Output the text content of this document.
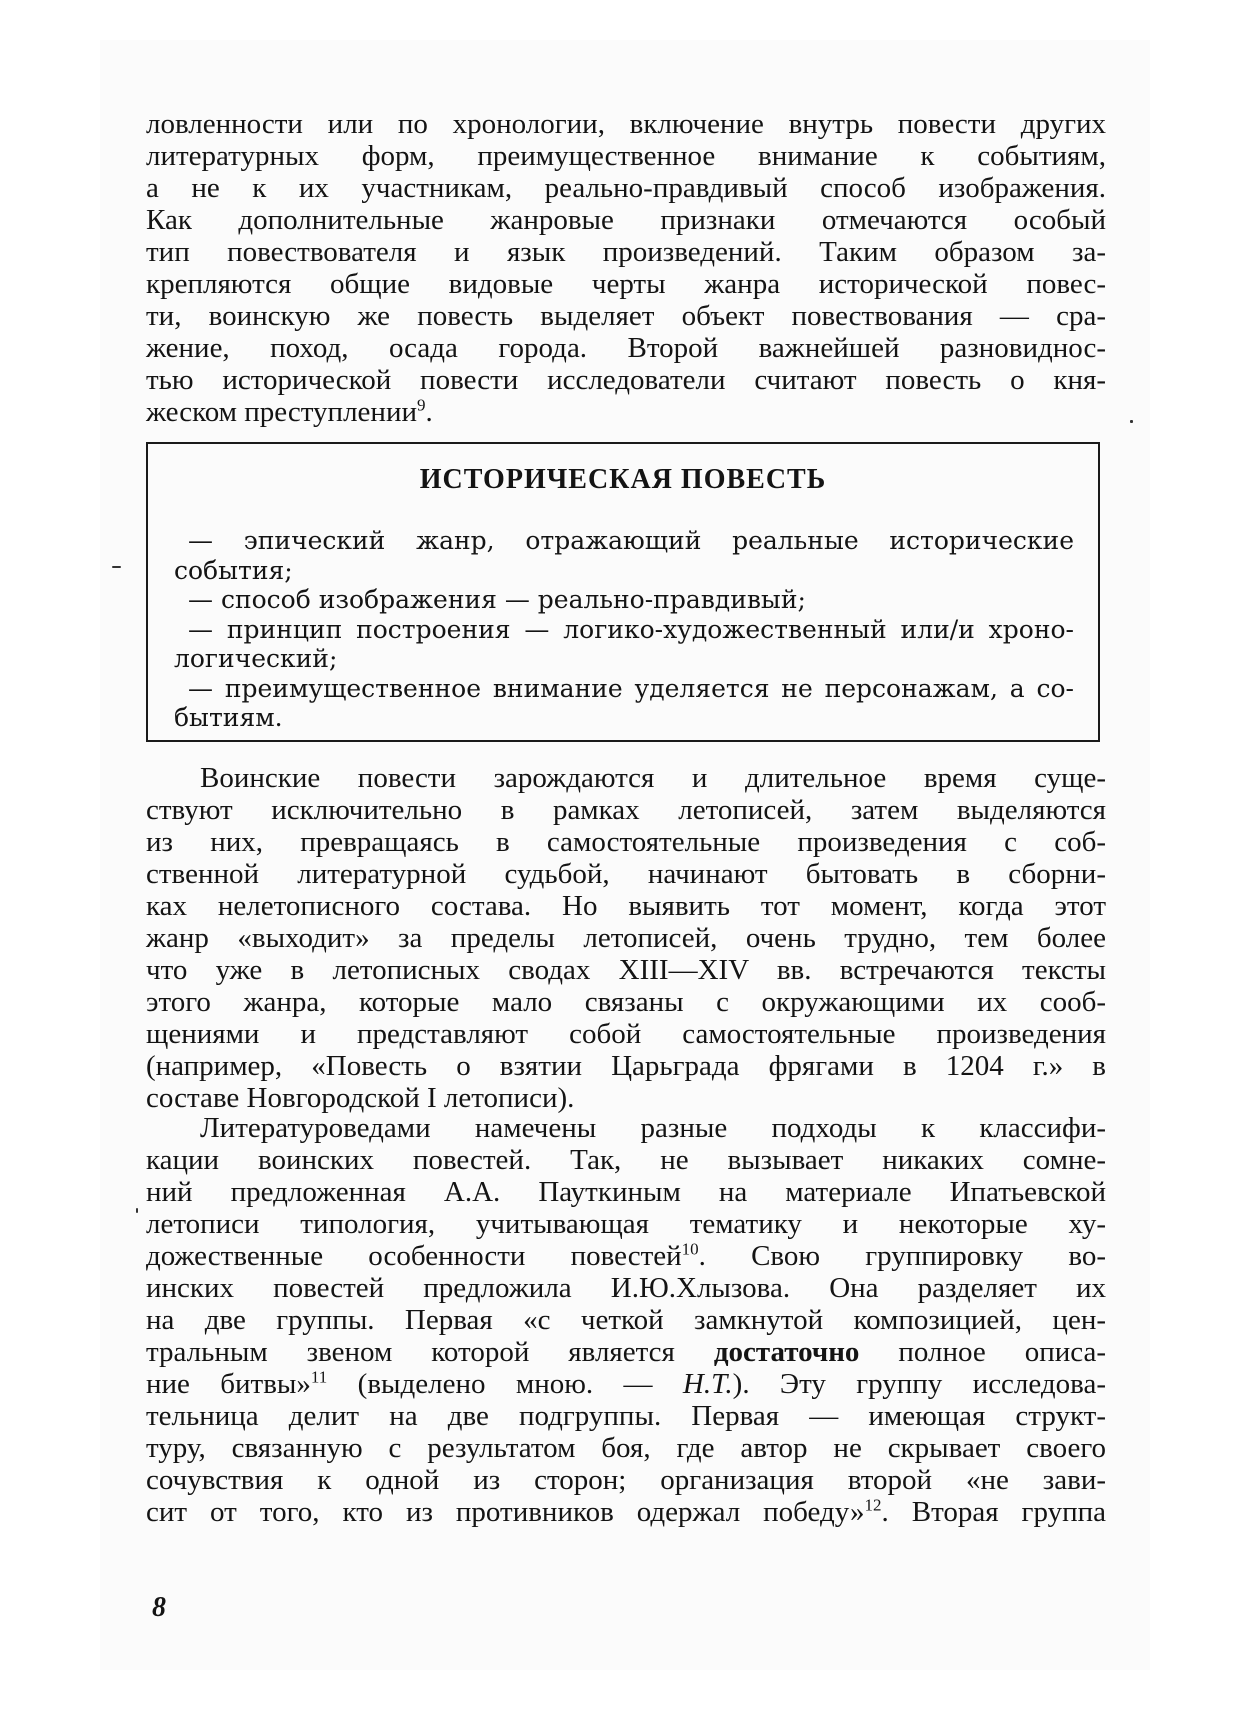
ловленности или по хронологии, включение внутрь повести других
литературных форм, преимущественное внимание к событиям,
а не к их участникам, реально-правдивый способ изображения.
Как дополнительные жанровые признаки отмечаются особый
тип повествователя и язык произведений. Таким образом за-
крепляются общие видовые черты жанра исторической повес-
ти, воинскую же повесть выделяет объект повествования — сра-
жение, поход, осада города. Второй важнейшей разновиднос-
тью исторической повести исследователи считают повесть о кня-
жеском преступлении$^9$.
ИСТОРИЧЕСКАЯ ПОВЕСТЬ
— эпический жанр, отражающий реальные исторические
события;
— способ изображения — реально-правдивый;
— принцип построения — логико-художественный или/и хроно-
логический;
— преимущественное внимание уделяется не персонажам, а со-
бытиям.
Воинские повести зарождаются и длительное время суще-
ствуют исключительно в рамках летописей, затем выделяются
из них, превращаясь в самостоятельные произведения с соб-
ственной литературной судьбой, начинают бытовать в сборни-
ках нелетописного состава. Но выявить тот момент, когда этот
жанр «выходит» за пределы летописей, очень трудно, тем более
что уже в летописных сводах XIII—XIV вв. встречаются тексты
этого жанра, которые мало связаны с окружающими их сооб-
щениями и представляют собой самостоятельные произведения
(например, «Повесть о взятии Царьграда фрягами в 1204 г.» в
составе Новгородской I летописи).
Литературоведами намечены разные подходы к классифи-
кации воинских повестей. Так, не вызывает никаких сомне-
ний предложенная А.А. Пауткиным на материале Ипатьевской
летописи типология, учитывающая тематику и некоторые ху-
дожественные особенности повестей$^{10}$. Свою группировку во-
инских повестей предложила И.Ю.Хлызова. Она разделяет их
на две группы. Первая «с четкой замкнутой композицией, цен-
тральным звеном которой является достаточно полное описа-
ние битвы»$^{11}$ (выделено мною. — Н.Т.). Эту группу исследова-
тельница делит на две подгруппы. Первая — имеющая структ-
туру, связанную с результатом боя, где автор не скрывает своего
сочувствия к одной из сторон; организация второй «не зави-
сит от того, кто из противников одержал победу»$^{12}$. Вторая группа
8
